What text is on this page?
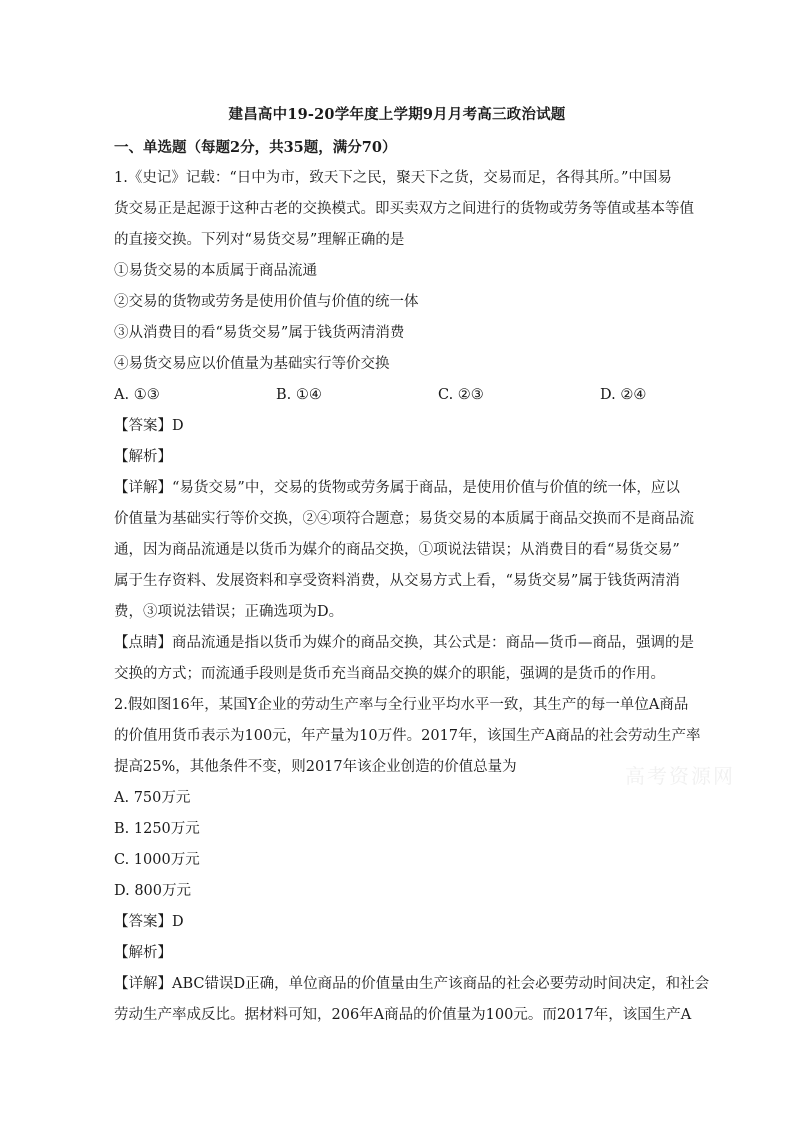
建昌高中19-20学年度上学期9月月考高三政治试题
一、单选题（每题2分，共35题，满分70）
1.《史记》记载：“日中为市，致天下之民，聚天下之货，交易而足，各得其所。”中国易
货交易正是起源于这种古老的交换模式。即买卖双方之间进行的货物或劳务等值或基本等值
的直接交换。下列对“易货交易”理解正确的是
①易货交易的本质属于商品流通
②交易的货物或劳务是使用价值与价值的统一体
③从消费目的看“易货交易”属于钱货两清消费
④易货交易应以价值量为基础实行等价交换
A. ①③	B. ①④	C. ②③	D. ②④
【答案】D
【解析】
【详解】“易货交易”中，交易的货物或劳务属于商品，是使用价值与价值的统一体，应以
价值量为基础实行等价交换，②④项符合题意；易货交易的本质属于商品交换而不是商品流
通，因为商品流通是以货币为媒介的商品交换，①项说法错误；从消费目的看“易货交易”
属于生存资料、发展资料和享受资料消费，从交易方式上看，“易货交易”属于钱货两清消
费，③项说法错误；正确选项为D。
【点睛】商品流通是指以货币为媒介的商品交换，其公式是：商品—货币—商品，强调的是
交换的方式；而流通手段则是货币充当商品交换的媒介的职能，强调的是货币的作用。
2.假如图16年，某国Y企业的劳动生产率与全行业平均水平一致，其生产的每一单位A商品
的价值用货币表示为100元，年产量为10万件。2017年，该国生产A商品的社会劳动生产率
提高25%，其他条件不变，则2017年该企业创造的价值总量为
A. 750万元
B. 1250万元
C. 1000万元
D. 800万元
【答案】D
【解析】
【详解】ABC错误D正确，单位商品的价值量由生产该商品的社会必要劳动时间决定，和社会
劳动生产率成反比。据材料可知，206年A商品的价值量为100元。而2017年，该国生产A
高考资源网
